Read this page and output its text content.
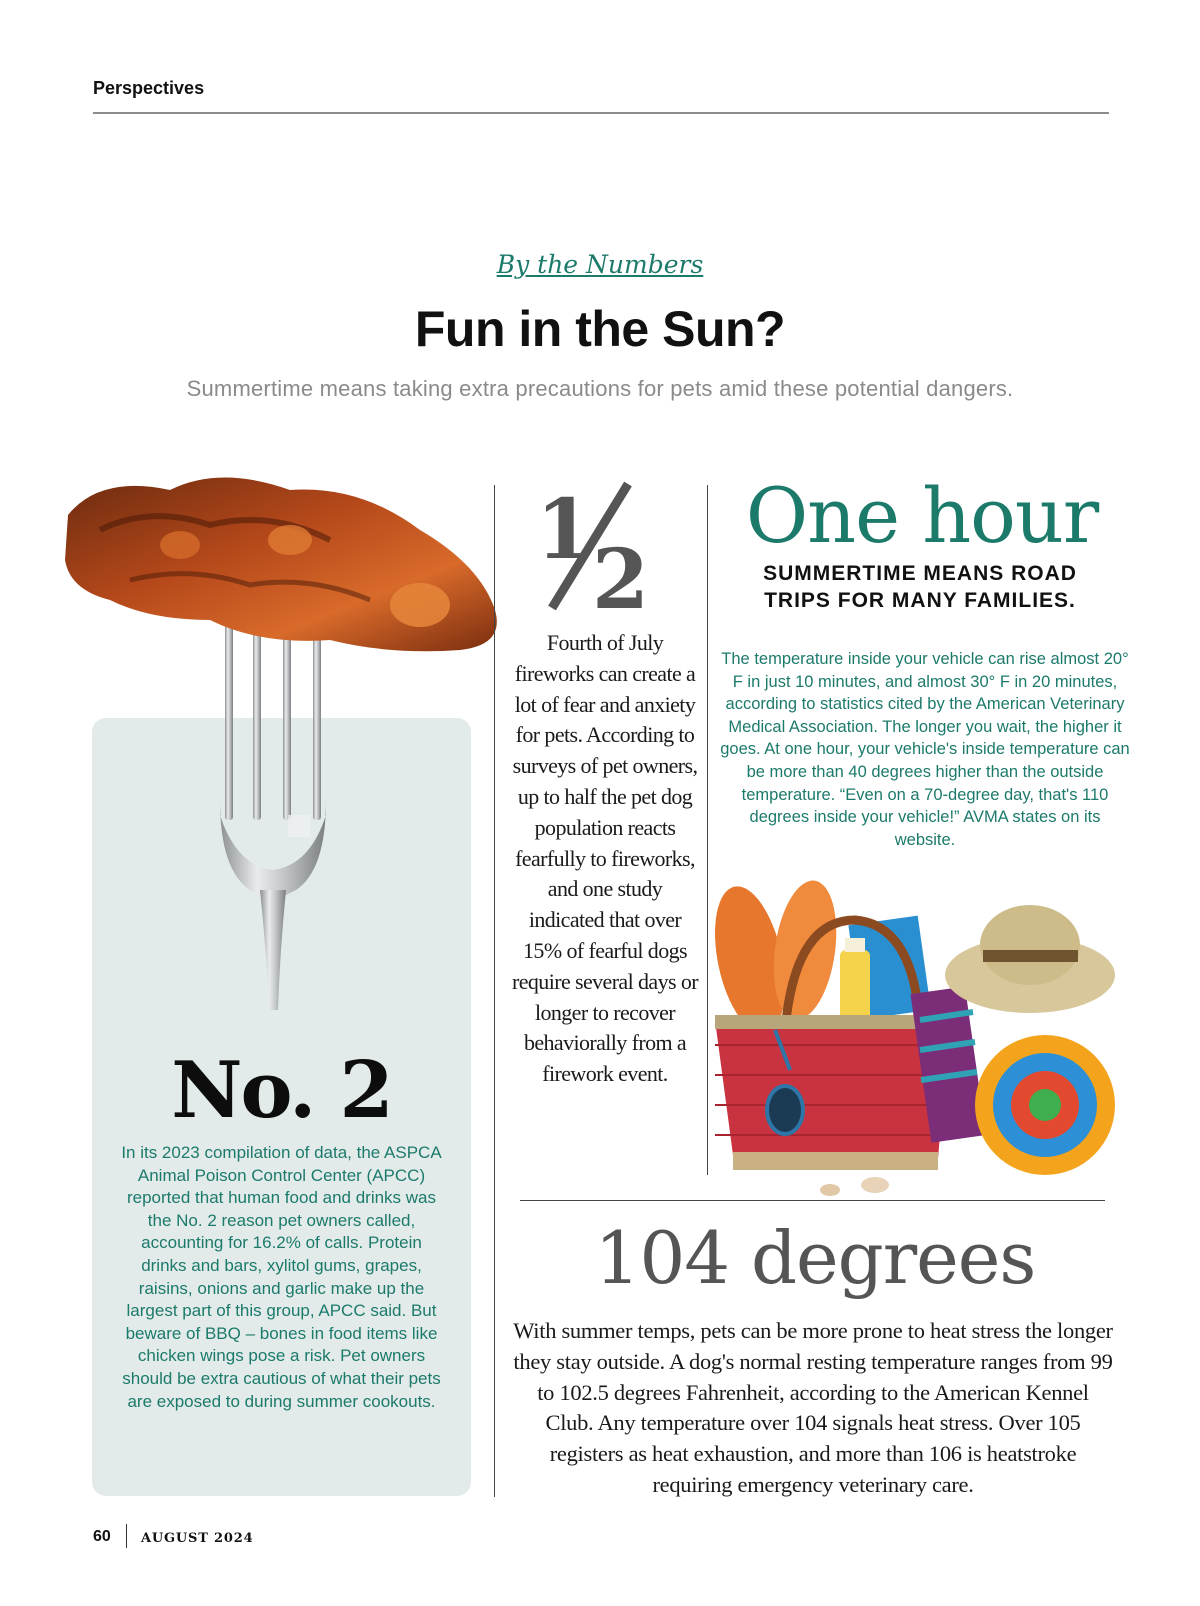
Perspectives
By the Numbers
Fun in the Sun?
Summertime means taking extra precautions for pets amid these potential dangers.
No. 2
In its 2023 compilation of data, the ASPCA Animal Poison Control Center (APCC) reported that human food and drinks was the No. 2 reason pet owners called, accounting for 16.2% of calls. Protein drinks and bars, xylitol gums, grapes, raisins, onions and garlic make up the largest part of this group, APCC said. But beware of BBQ – bones in food items like chicken wings pose a risk. Pet owners should be extra cautious of what their pets are exposed to during summer cookouts.
1
2
Fourth of July fireworks can create a lot of fear and anxiety for pets. According to surveys of pet owners, up to half the pet dog population reacts fearfully to fireworks, and one study indicated that over 15% of fearful dogs require several days or longer to recover behaviorally from a firework event.
One hour
SUMMERTIME MEANS ROAD TRIPS FOR MANY FAMILIES.
The temperature inside your vehicle can rise almost 20° F in just 10 minutes, and almost 30° F in 20 minutes, according to statistics cited by the American Veterinary Medical Association. The longer you wait, the higher it goes. At one hour, your vehicle's inside temperature can be more than 40 degrees higher than the outside temperature. “Even on a 70-degree day, that's 110 degrees inside your vehicle!” AVMA states on its website.
104 degrees
With summer temps, pets can be more prone to heat stress the longer they stay outside. A dog's normal resting temperature ranges from 99 to 102.5 degrees Fahrenheit, according to the American Kennel Club. Any temperature over 104 signals heat stress. Over 105 registers as heat exhaustion, and more than 106 is heatstroke requiring emergency veterinary care.
60 AUGUST 2024
